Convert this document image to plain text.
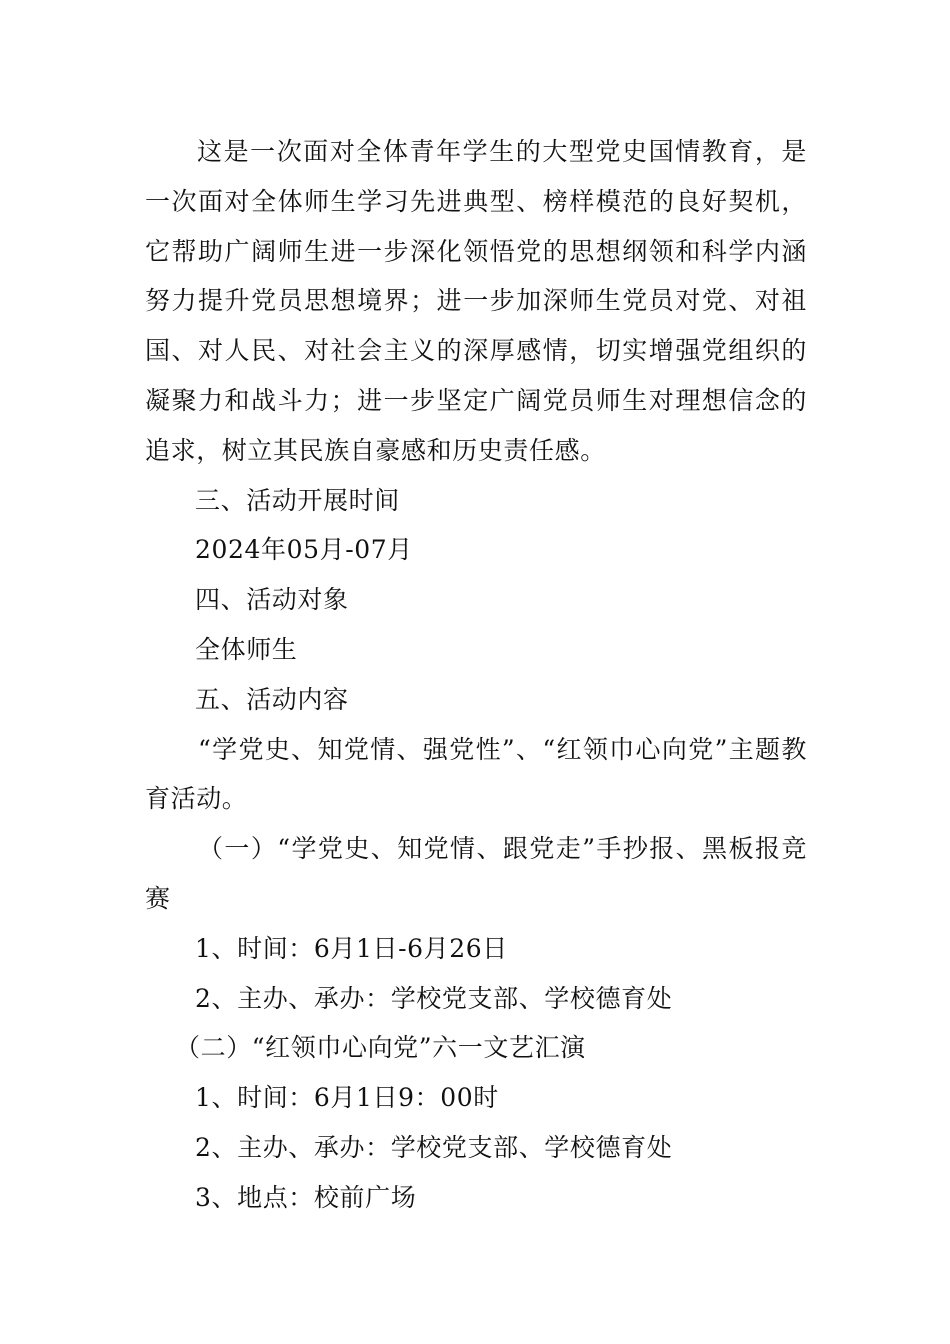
这是一次面对全体青年学生的大型党史国情教育，是一次面对全体师生学习先进典型、榜样模范的良好契机，它帮助广阔师生进一步深化领悟党的思想纲领和科学内涵努力提升党员思想境界；进一步加深师生党员对党、对祖国、对人民、对社会主义的深厚感情，切实增强党组织的凝聚力和战斗力；进一步坚定广阔党员师生对理想信念的追求，树立其民族自豪感和历史责任感。

三、活动开展时间

2024年05月-07月

四、活动对象

全体师生

五、活动内容

“学党史、知党情、强党性”、“红领巾心向党”主题教育活动。

（一）“学党史、知党情、跟党走”手抄报、黑板报竞赛

1、时间：6月1日-6月26日

2、主办、承办：学校党支部、学校德育处

（二）“红领巾心向党”六一文艺汇演

1、时间：6月1日9：00时

2、主办、承办：学校党支部、学校德育处

3、地点：校前广场
